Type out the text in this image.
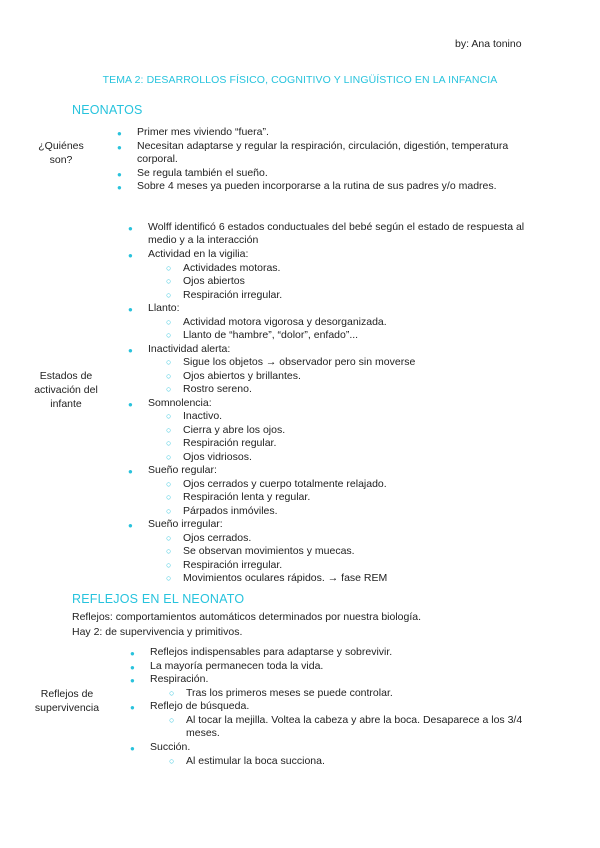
by: Ana tonino
TEMA 2: DESARROLLOS FÍSICO, COGNITIVO Y LINGÜÍSTICO EN LA INFANCIA
NEONATOS
¿Quiénes son?
● Primer mes viviendo “fuera”.
● Necesitan adaptarse y regular la respiración, circulación, digestión, temperatura corporal.
● Se regula también el sueño.
● Sobre 4 meses ya pueden incorporarse a la rutina de sus padres y/o madres.
Estados de activación del infante
● Wolff identificó 6 estados conductuales del bebé según el estado de respuesta al medio y a la interacción
● Actividad en la vigilia:
○ Actividades motoras.
○ Ojos abiertos
○ Respiración irregular.
● Llanto:
○ Actividad motora vigorosa y desorganizada.
○ Llanto de “hambre”, “dolor”, enfado”...
● Inactividad alerta:
○ Sigue los objetos → observador pero sin moverse
○ Ojos abiertos y brillantes.
○ Rostro sereno.
● Somnolencia:
○ Inactivo.
○ Cierra y abre los ojos.
○ Respiración regular.
○ Ojos vidriosos.
● Sueño regular:
○ Ojos cerrados y cuerpo totalmente relajado.
○ Respiración lenta y regular.
○ Párpados inmóviles.
● Sueño irregular:
○ Ojos cerrados.
○ Se observan movimientos y muecas.
○ Respiración irregular.
○ Movimientos oculares rápidos. → fase REM
REFLEJOS EN EL NEONATO
Reflejos: comportamientos automáticos determinados por nuestra biología.
Hay 2: de supervivencia y primitivos.
Reflejos de supervivencia
● Reflejos indispensables para adaptarse y sobrevivir.
● La mayoría permanecen toda la vida.
● Respiración.
○ Tras los primeros meses se puede controlar.
● Reflejo de búsqueda.
○ Al tocar la mejilla. Voltea la cabeza y abre la boca. Desaparece a los 3/4 meses.
● Succión.
○ Al estimular la boca succiona.
